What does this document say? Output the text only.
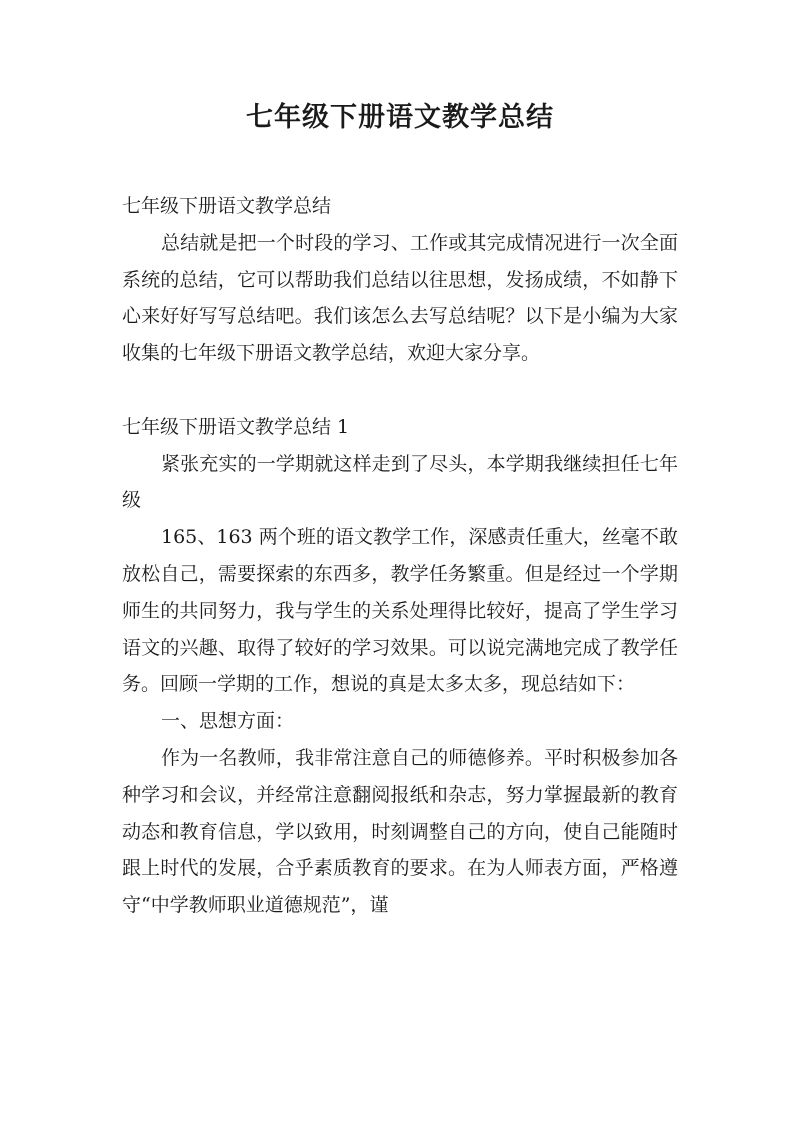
七年级下册语文教学总结

七年级下册语文教学总结

总结就是把一个时段的学习、工作或其完成情况进行一次全面系统的总结，它可以帮助我们总结以往思想，发扬成绩，不如静下心来好好写写总结吧。我们该怎么去写总结呢？以下是小编为大家收集的七年级下册语文教学总结，欢迎大家分享。

七年级下册语文教学总结 1

紧张充实的一学期就这样走到了尽头，本学期我继续担任七年级

165、163 两个班的语文教学工作，深感责任重大，丝毫不敢放松自己，需要探索的东西多，教学任务繁重。但是经过一个学期师生的共同努力，我与学生的关系处理得比较好，提高了学生学习语文的兴趣、取得了较好的学习效果。可以说完满地完成了教学任务。回顾一学期的工作，想说的真是太多太多，现总结如下：

一、思想方面：

作为一名教师，我非常注意自己的师德修养。平时积极参加各种学习和会议，并经常注意翻阅报纸和杂志，努力掌握最新的教育动态和教育信息，学以致用，时刻调整自己的方向，使自己能随时跟上时代的发展，合乎素质教育的要求。在为人师表方面，严格遵守“中学教师职业道德规范”，谨
